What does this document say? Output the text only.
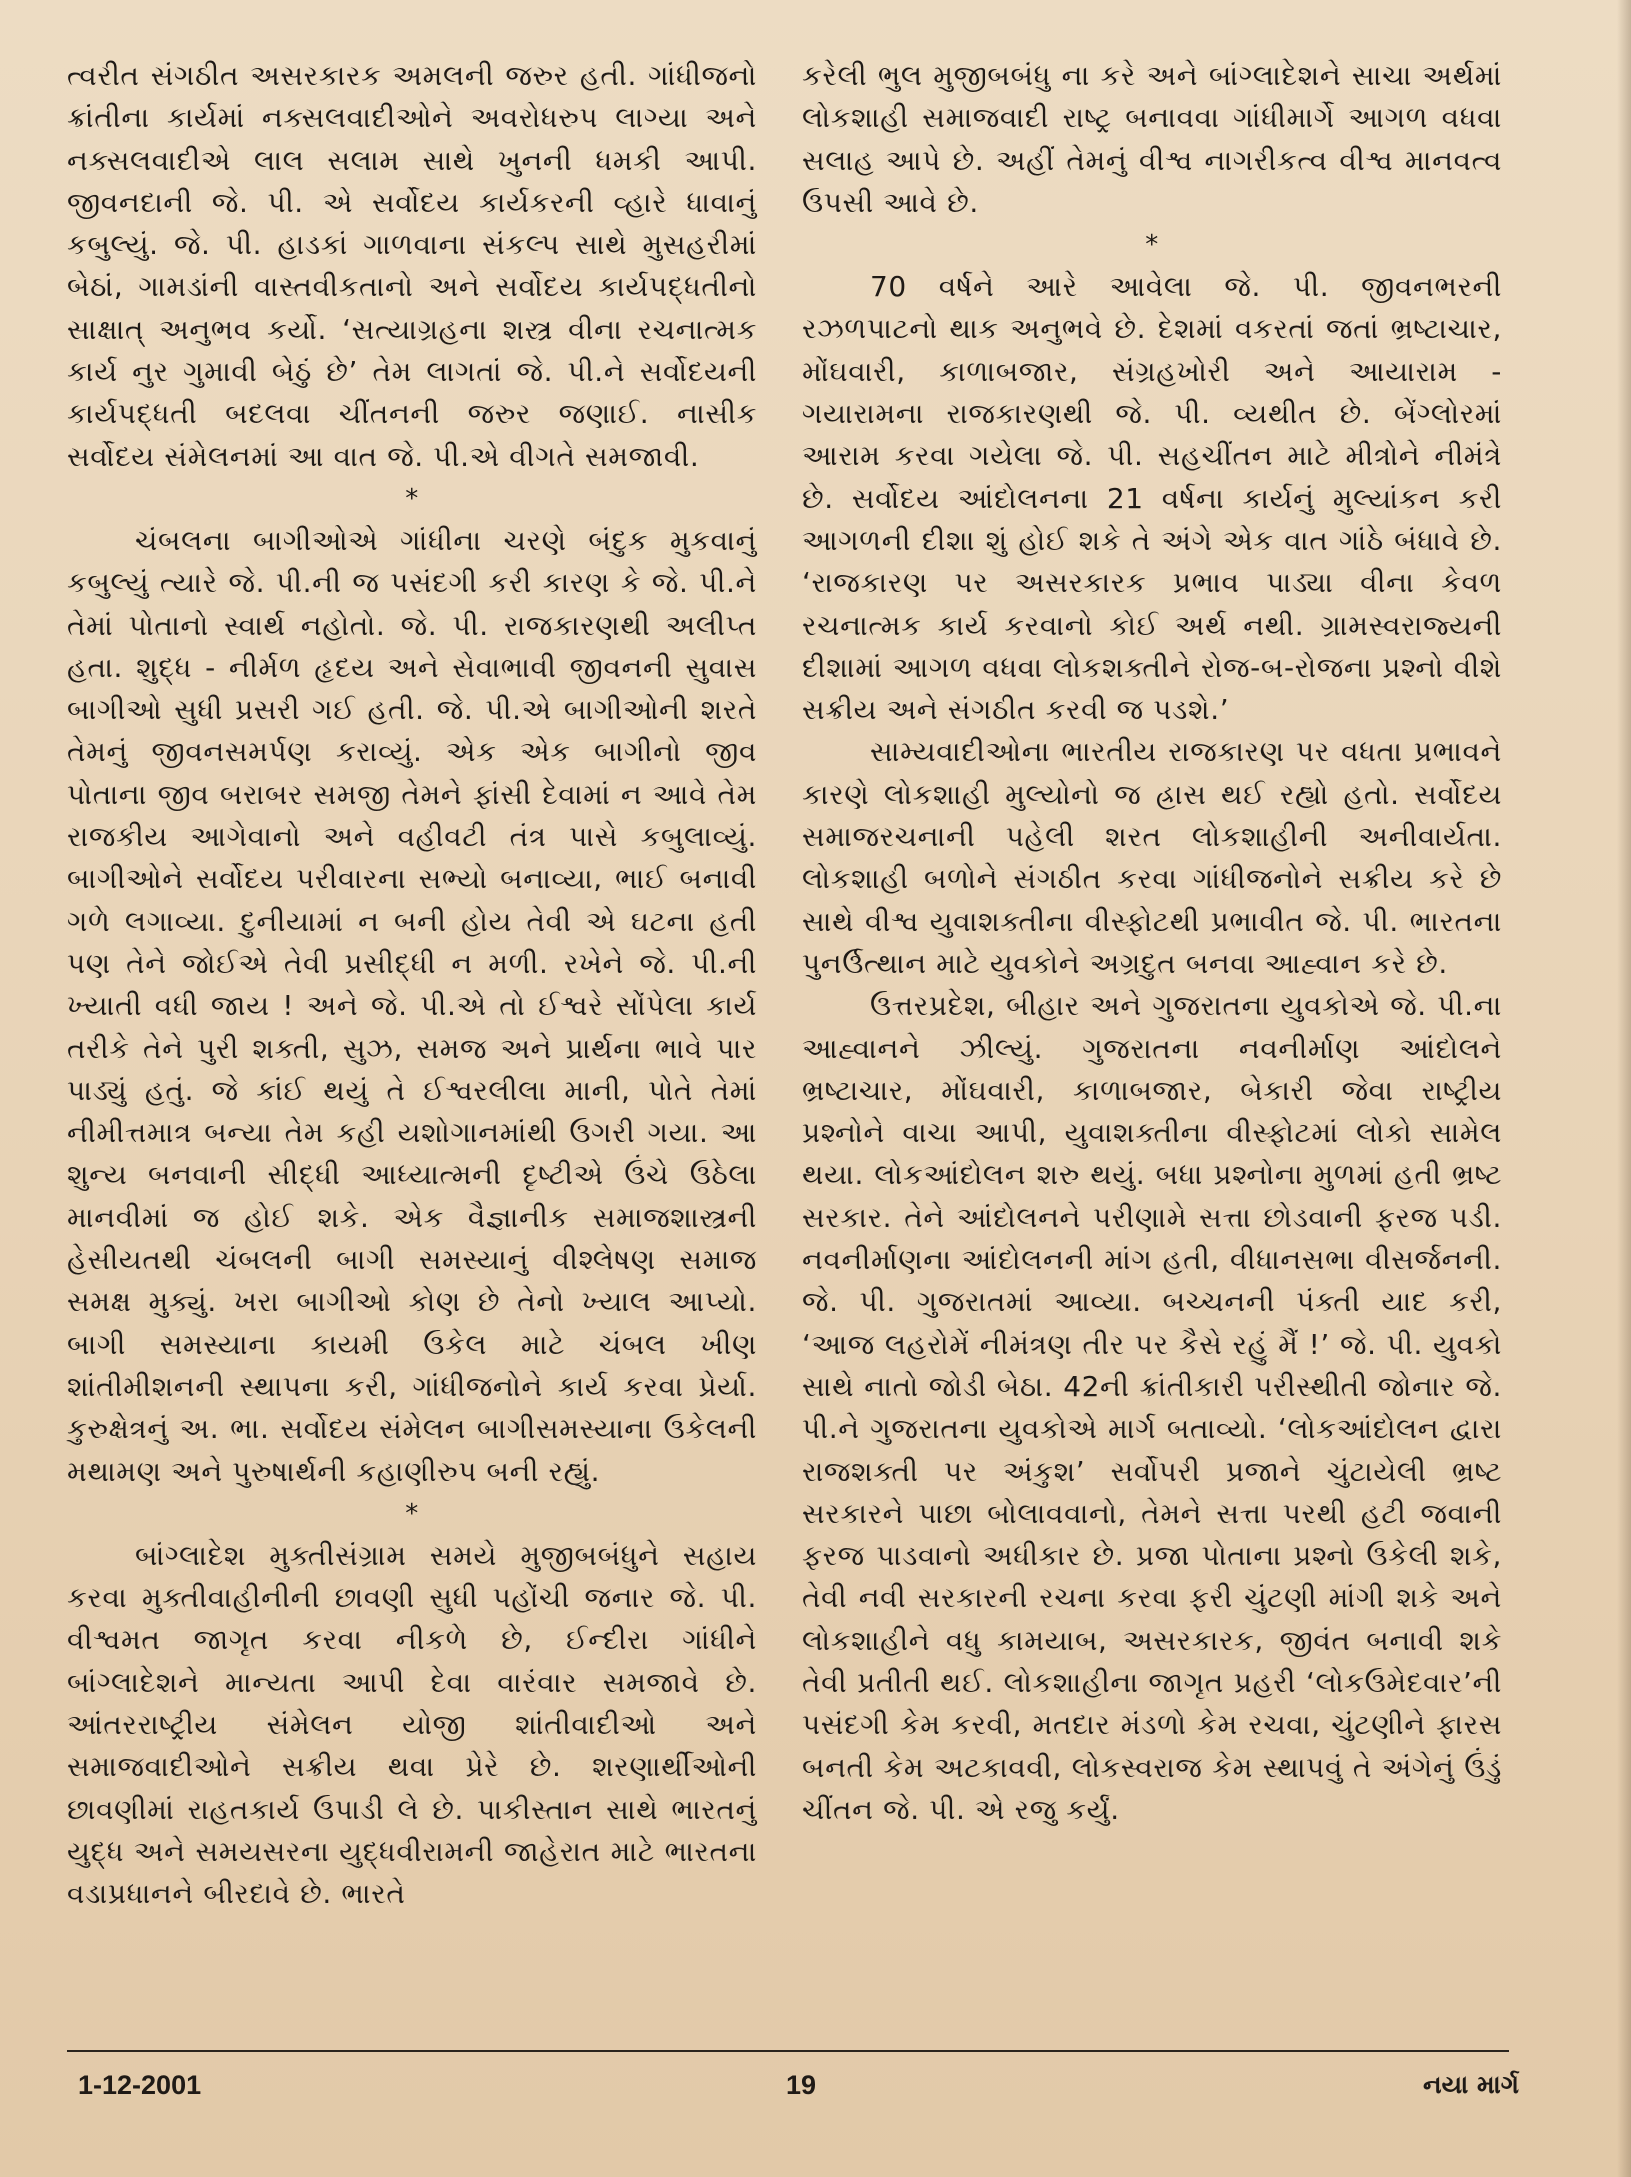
ત્વરીત સંગઠીત અસરકારક અમલની જરુર હતી. ગાંધીજનો ક્રાંતીના કાર્યમાં નક્સલવાદીઓને અવરોધરુપ લાગ્યા અને નક્સલવાદીએ લાલ સલામ સાથે ખુનની ધમકી આપી. જીવનદાની જે. પી. એ સર્વોદય કાર્યકરની વ્હારે ધાવાનું કબુલ્યું. જે. પી. હાડકાં ગાળવાના સંકલ્પ સાથે મુસહરીમાં બેઠાં, ગામડાંની વાસ્તવીકતાનો અને સર્વોદય કાર્યપદ્ધતીનો સાક્ષાત્ અનુભવ કર્યો. ‘સત્યાગ્રહના શસ્ત્ર વીના રચનાત્મક કાર્ય નુર ગુમાવી બેઠું છે’ તેમ લાગતાં જે. પી.ને સર્વોદયની કાર્યપદ્ધતી બદલવા ચીંતનની જરુર જણાઈ. નાસીક સર્વોદય સંમેલનમાં આ વાત જે. પી.એ વીગતે સમજાવી.

*

ચંબલના બાગીઓએ ગાંધીના ચરણે બંદુક મુકવાનું કબુલ્યું ત્યારે જે. પી.ની જ પસંદગી કરી કારણ કે જે. પી.ને તેમાં પોતાનો સ્વાર્થ નહોતો. જે. પી. રાજકારણથી અલીપ્ત હતા. શુદ્ધ - નીર્મળ હૃદય અને સેવાભાવી જીવનની સુવાસ બાગીઓ સુધી પ્રસરી ગઈ હતી. જે. પી.એ બાગીઓની શરતે તેમનું જીવનસમર્પણ કરાવ્યું. એક એક બાગીનો જીવ પોતાના જીવ બરાબર સમજી તેમને ફાંસી દેવામાં ન આવે તેમ રાજકીય આગેવાનો અને વહીવટી તંત્ર પાસે કબુલાવ્યું. બાગીઓને સર્વોદય પરીવારના સભ્યો બનાવ્યા, ભાઈ બનાવી ગળે લગાવ્યા. દુનીયામાં ન બની હોય તેવી એ ઘટના હતી પણ તેને જોઈએ તેવી પ્રસીદ્ધી ન મળી. રખેને જે. પી.ની ખ્યાતી વધી જાય ! અને જે. પી.એ તો ઈશ્વરે સોંપેલા કાર્ય તરીકે તેને પુરી શક્તી, સુઝ, સમજ અને પ્રાર્થના ભાવે પાર પાડ્યું હતું. જે કાંઈ થયું તે ઈશ્વરલીલા માની, પોતે તેમાં નીમીત્તમાત્ર બન્યા તેમ કહી યશોગાનમાંથી ઉગરી ગયા. આ શુન્ય બનવાની સીદ્ધી આધ્યાત્મની દૃષ્ટીએ ઉંચે ઉઠેલા માનવીમાં જ હોઈ શકે. એક વૈજ્ઞાનીક સમાજશાસ્ત્રની હેસીયતથી ચંબલની બાગી સમસ્યાનું વીશ્લેષણ સમાજ સમક્ષ મુક્યું. ખરા બાગીઓ કોણ છે તેનો ખ્યાલ આપ્યો. બાગી સમસ્યાના કાયમી ઉકેલ માટે ચંબલ ખીણ શાંતીમીશનની સ્થાપના કરી, ગાંધીજનોને કાર્ય કરવા પ્રેર્યા. કુરુક્ષેત્રનું અ. ભા. સર્વોદય સંમેલન બાગીસમસ્યાના ઉકેલની મથામણ અને પુરુષાર્થની કહાણીરુપ બની રહ્યું.

*

બાંગ્લાદેશ મુક્તીસંગ્રામ સમયે મુજીબબંધુને સહાય કરવા મુક્તીવાહીનીની છાવણી સુધી પહોંચી જનાર જે. પી. વીશ્વમત જાગૃત કરવા નીકળે છે, ઈન્દીરા ગાંધીને બાંગ્લાદેશને માન્યતા આપી દેવા વારંવાર સમજાવે છે. આંતરરાષ્ટ્રીય સંમેલન યોજી શાંતીવાદીઓ અને સમાજવાદીઓને સક્રીય થવા પ્રેરે છે. શરણાર્થીઓની છાવણીમાં રાહતકાર્ય ઉપાડી લે છે. પાકીસ્તાન સાથે ભારતનું યુદ્ધ અને સમયસરના યુદ્ધવીરામની જાહેરાત માટે ભારતના વડાપ્રધાનને બીરદાવે છે. ભારતે

કરેલી ભુલ મુજીબબંધુ ના કરે અને બાંગ્લાદેશને સાચા અર્થમાં લોકશાહી સમાજવાદી રાષ્ટ્ર બનાવવા ગાંધીમાર્ગે આગળ વધવા સલાહ આપે છે. અહીં તેમનું વીશ્વ નાગરીકત્વ વીશ્વ માનવત્વ ઉપસી આવે છે.

*

70 વર્ષને આરે આવેલા જે. પી. જીવનભરની રઝળપાટનો થાક અનુભવે છે. દેશમાં વકરતાં જતાં ભ્રષ્ટાચાર, મોંઘવારી, કાળાબજાર, સંગ્રહખોરી અને આયારામ - ગયારામના રાજકારણથી જે. પી. વ્યથીત છે. બેંગ્લોરમાં આરામ કરવા ગયેલા જે. પી. સહચીંતન માટે મીત્રોને નીમંત્રે છે. સર્વોદય આંદોલનના 21 વર્ષના કાર્યનું મુલ્યાંકન કરી આગળની દીશા શું હોઈ શકે તે અંગે એક વાત ગાંઠે બંધાવે છે. ‘રાજકારણ પર અસરકારક પ્રભાવ પાડ્યા વીના કેવળ રચનાત્મક કાર્ય કરવાનો કોઈ અર્થ નથી. ગ્રામસ્વરાજ્યની દીશામાં આગળ વધવા લોકશક્તીને રોજ-બ-રોજના પ્રશ્નો વીશે સક્રીય અને સંગઠીત કરવી જ પડશે.’

સામ્યવાદીઓના ભારતીય રાજકારણ પર વધતા પ્રભાવને કારણે લોકશાહી મુલ્યોનો જ હ્રાસ થઈ રહ્યો હતો. સર્વોદય સમાજરચનાની પહેલી શરત લોકશાહીની અનીવાર્યતા. લોકશાહી બળોને સંગઠીત કરવા ગાંધીજનોને સક્રીય કરે છે સાથે વીશ્વ યુવાશક્તીના વીસ્ફોટથી પ્રભાવીત જે. પી. ભારતના પુનર્ઉત્થાન માટે યુવકોને અગ્રદુત બનવા આહ્વાન કરે છે.

ઉત્તરપ્રદેશ, બીહાર અને ગુજરાતના યુવકોએ જે. પી.ના આહ્વાનને ઝીલ્યું. ગુજરાતના નવનીર્માણ આંદોલને ભ્રષ્ટાચાર, મોંઘવારી, કાળાબજાર, બેકારી જેવા રાષ્ટ્રીય પ્રશ્નોને વાચા આપી, યુવાશક્તીના વીસ્ફોટમાં લોકો સામેલ થયા. લોકઆંદોલન શરુ થયું. બધા પ્રશ્નોના મુળમાં હતી ભ્રષ્ટ સરકાર. તેને આંદોલનને પરીણામે સત્તા છોડવાની ફરજ પડી. નવનીર્માણના આંદોલનની માંગ હતી, વીધાનસભા વીસર્જનની. જે. પી. ગુજરાતમાં આવ્યા. બચ્ચનની પંક્તી યાદ કરી, ‘આજ લહરોમેં નીમંત્રણ તીર પર કૈસે રહું મૈં !’ જે. પી. યુવકો સાથે નાતો જોડી બેઠા. 42ની ક્રાંતીકારી પરીસ્થીતી જોનાર જે. પી.ને ગુજરાતના યુવકોએ માર્ગ બતાવ્યો. ‘લોકઆંદોલન દ્વારા રાજશક્તી પર અંકુશ’ સર્વોપરી પ્રજાને ચુંટાયેલી ભ્રષ્ટ સરકારને પાછા બોલાવવાનો, તેમને સત્તા પરથી હટી જવાની ફરજ પાડવાનો અધીકાર છે. પ્રજા પોતાના પ્રશ્નો ઉકેલી શકે, તેવી નવી સરકારની રચના કરવા ફરી ચુંટણી માંગી શકે અને લોકશાહીને વધુ કામયાબ, અસરકારક, જીવંત બનાવી શકે તેવી પ્રતીતી થઈ. લોકશાહીના જાગૃત પ્રહરી ‘લોકઉમેદવાર’ની પસંદગી કેમ કરવી, મતદાર મંડળો કેમ રચવા, ચુંટણીને ફારસ બનતી કેમ અટકાવવી, લોકસ્વરાજ કેમ સ્થાપવું તે અંગેનું ઉંડું ચીંતન જે. પી. એ રજુ કર્યું.

1-12-2001	19	નયા માર્ગ
